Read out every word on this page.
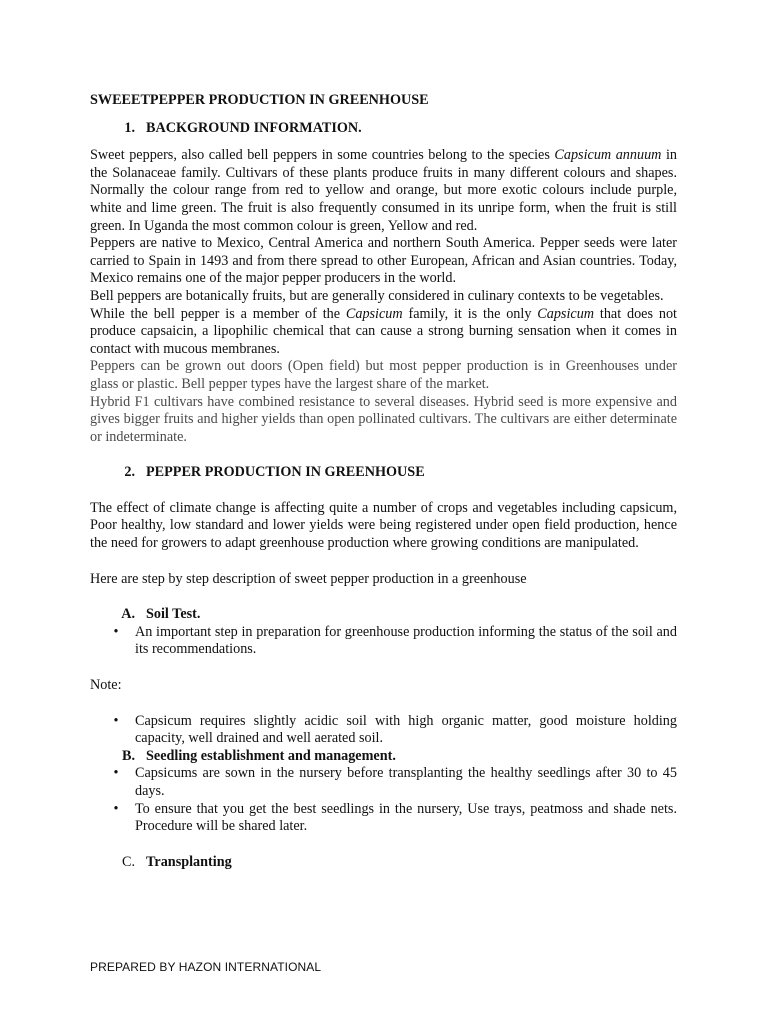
SWEEETPEPPER PRODUCTION IN GREENHOUSE
1. BACKGROUND INFORMATION.

Sweet peppers, also called bell peppers in some countries belong to the species Capsicum annuum in the Solanaceae family. Cultivars of these plants produce fruits in many different colours and shapes. Normally the colour range from red to yellow and orange, but more exotic colours include purple, white and lime green. The fruit is also frequently consumed in its unripe form, when the fruit is still green. In Uganda the most common colour is green, Yellow and red.

Peppers are native to Mexico, Central America and northern South America. Pepper seeds were later carried to Spain in 1493 and from there spread to other European, African and Asian countries. Today, Mexico remains one of the major pepper producers in the world.

Bell peppers are botanically fruits, but are generally considered in culinary contexts to be vegetables.

While the bell pepper is a member of the Capsicum family, it is the only Capsicum that does not produce capsaicin, a lipophilic chemical that can cause a strong burning sensation when it comes in contact with mucous membranes.

Peppers can be grown out doors (Open field) but most pepper production is in Greenhouses under glass or plastic. Bell pepper types have the largest share of the market.

Hybrid F1 cultivars have combined resistance to several diseases. Hybrid seed is more expensive and gives bigger fruits and higher yields than open pollinated cultivars. The cultivars are either determinate or indeterminate.

2. PEPPER PRODUCTION IN GREENHOUSE

The effect of climate change is affecting quite a number of crops and vegetables including capsicum, Poor healthy, low standard and lower yields were being registered under open field production, hence the need for growers to adapt greenhouse production where growing conditions are manipulated.

Here are step by step description of sweet pepper production in a greenhouse

A. Soil Test.
•	An important step in preparation for greenhouse production informing the status of the soil and its recommendations.

Note:

•	Capsicum requires slightly acidic soil with high organic matter, good moisture holding capacity, well drained and well aerated soil.
B. Seedling establishment and management.
•	Capsicums are sown in the nursery before transplanting the healthy seedlings after 30 to 45 days.
•	To ensure that you get the best seedlings in the nursery, Use trays, peatmoss and shade nets. Procedure will be shared later.
C. Transplanting
PREPARED BY HAZON INTERNATIONAL
